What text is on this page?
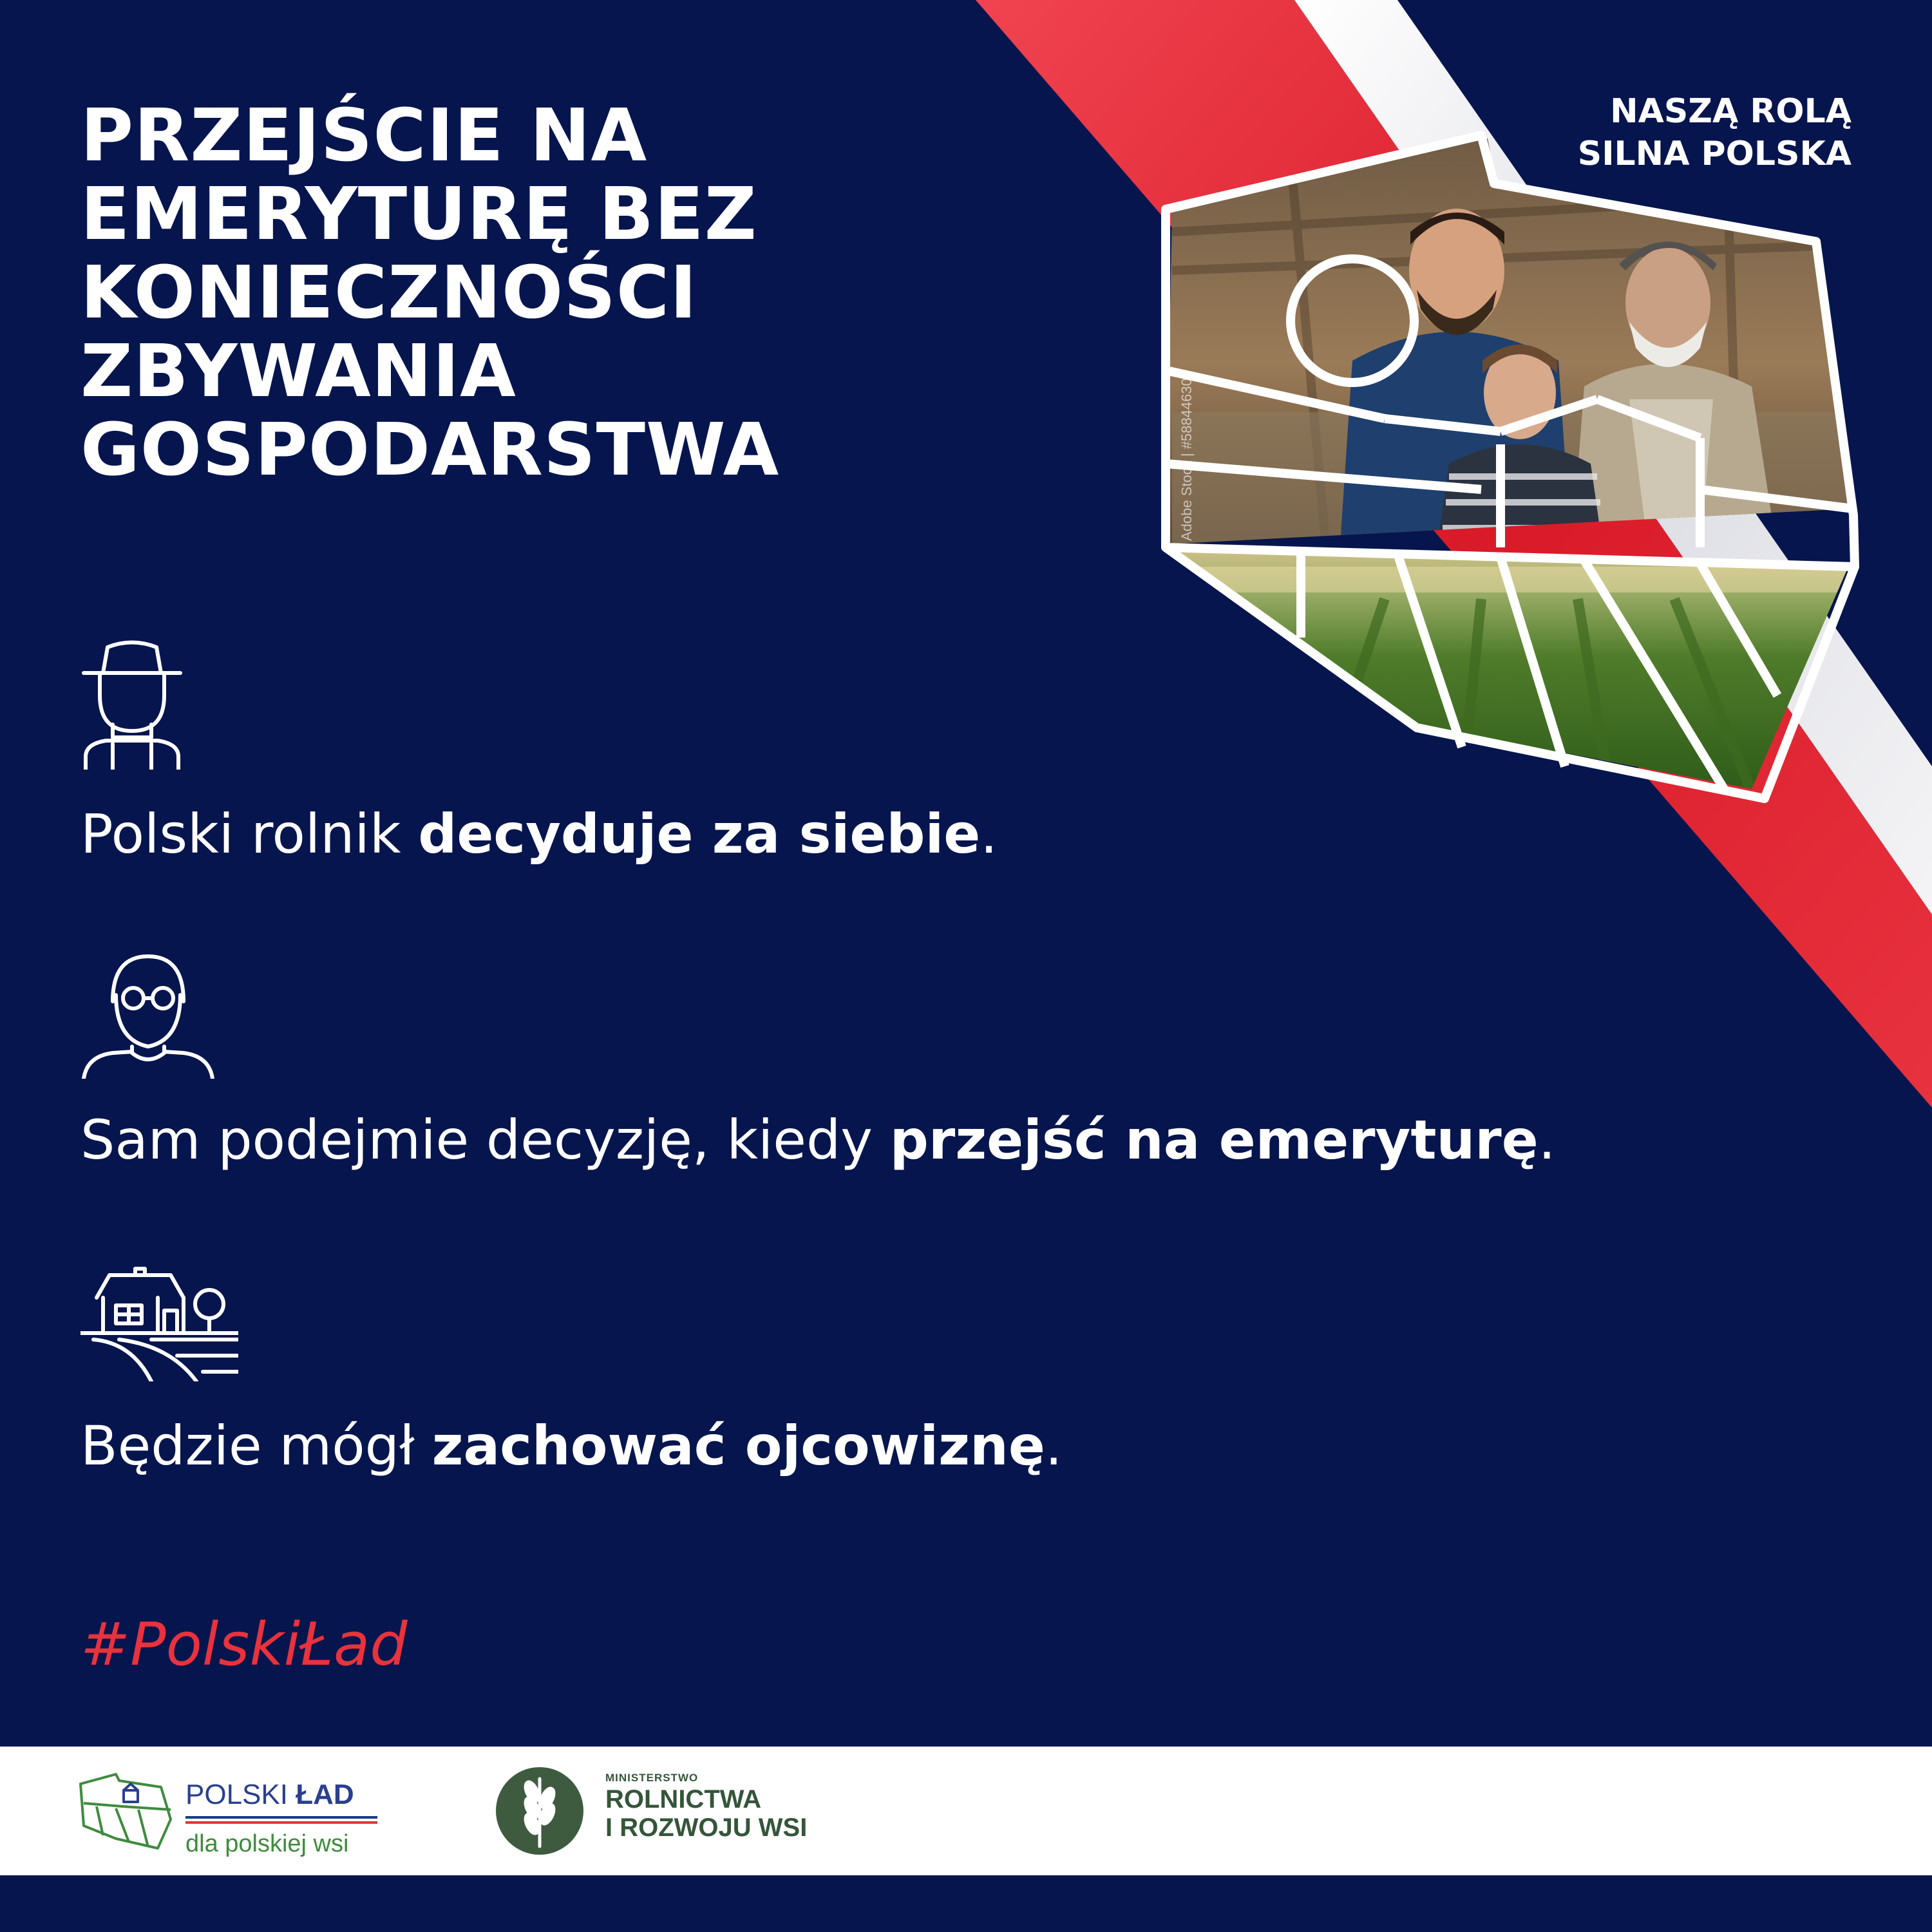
Adobe Stock | #588446306
PRZEJŚCIE NA
EMERYTURĘ BEZ
KONIECZNOŚCI
ZBYWANIA
GOSPODARSTWA
NASZĄ ROLĄ
SILNA POLSKA
Polski rolnik decyduje za siebie.
Sam podejmie decyzję, kiedy przejść na emeryturę.
Będzie mógł zachować ojcowiznę.
#PolskiŁad
POLSKI ŁAD
dla polskiej wsi
MINISTERSTWO
ROLNICTWA
I ROZWOJU WSI
